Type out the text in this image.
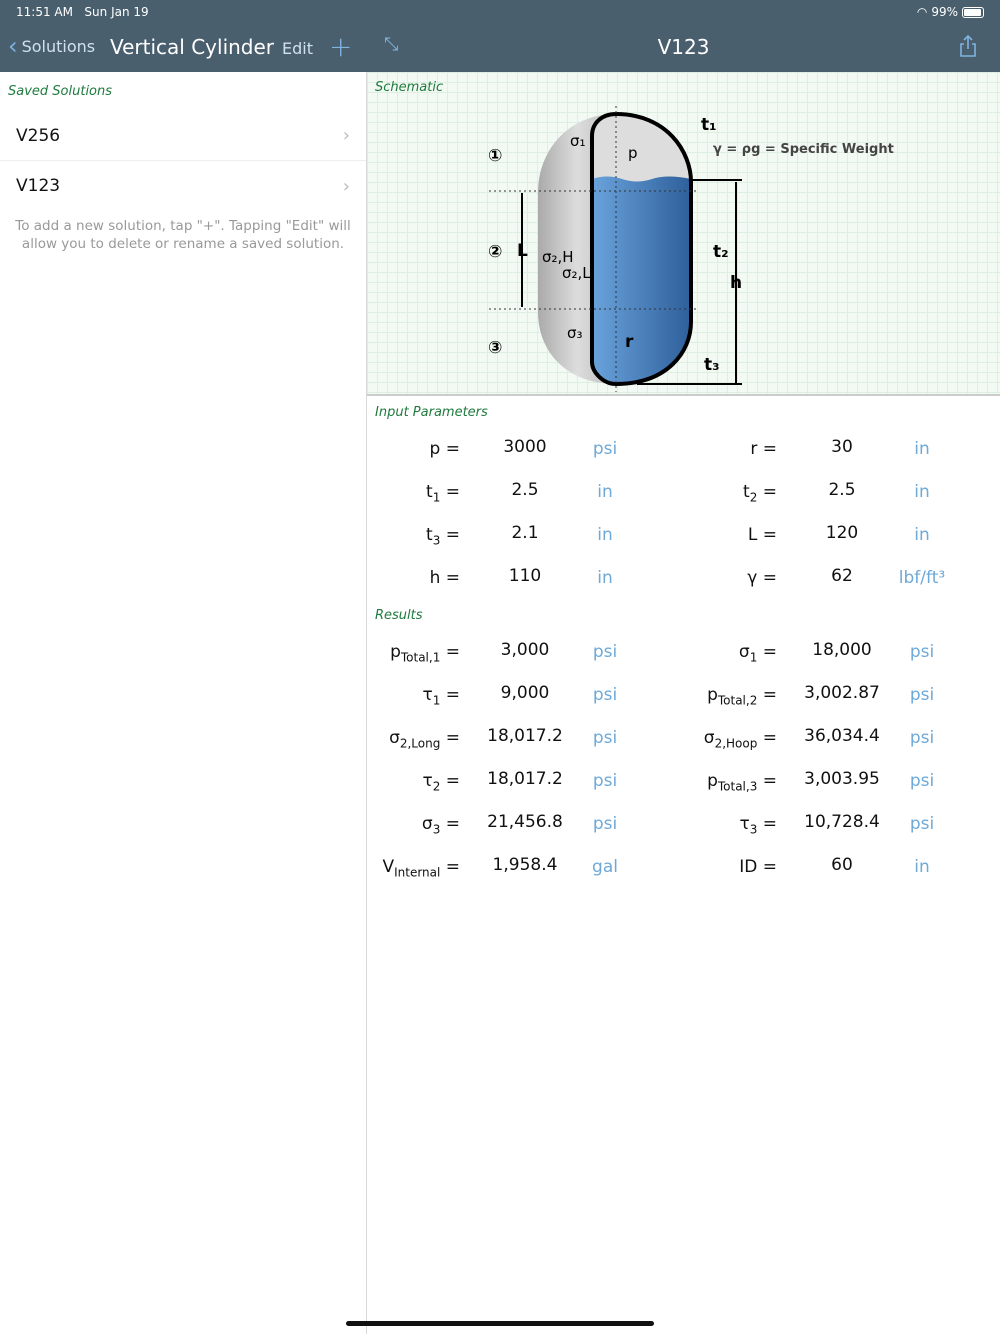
11:51 AM Sun Jan 19	◠ 99%
‹ Solutions Vertical Cylinder Edit + ⤡	V123
Saved Solutions
V256	›
V123	›
To add a new solution, tap "+". Tapping "Edit" will allow you to delete or rename a saved solution.
Schematic
①
②
③
L
h
t₁
t₂
t₃
r
γ = ρg = Specific Weight
p
σ₁
σ₂,H
σ₂,L
σ₃
Input Parameters
p =	3000	psi	r =	30	in
$t_1$ =	2.5	in	$t_2$ =	2.5	in
$t_3$ =	2.1	in	L =	120	in
h =	110	in	γ =	62	lbf/ft³
Results
$p_{Total,1}$ =	3,000	psi	$\sigma_1$ =	18,000	psi
$\tau_1$ =	9,000	psi	$p_{Total,2}$ =	3,002.87	psi
$\sigma_{2,Long}$ =	18,017.2	psi	$\sigma_{2,Hoop}$ =	36,034.4	psi
$\tau_2$ =	18,017.2	psi	$p_{Total,3}$ =	3,003.95	psi
$\sigma_3$ =	21,456.8	psi	$\tau_3$ =	10,728.4	psi
$V_{Internal}$ =	1,958.4	gal	ID =	60	in
